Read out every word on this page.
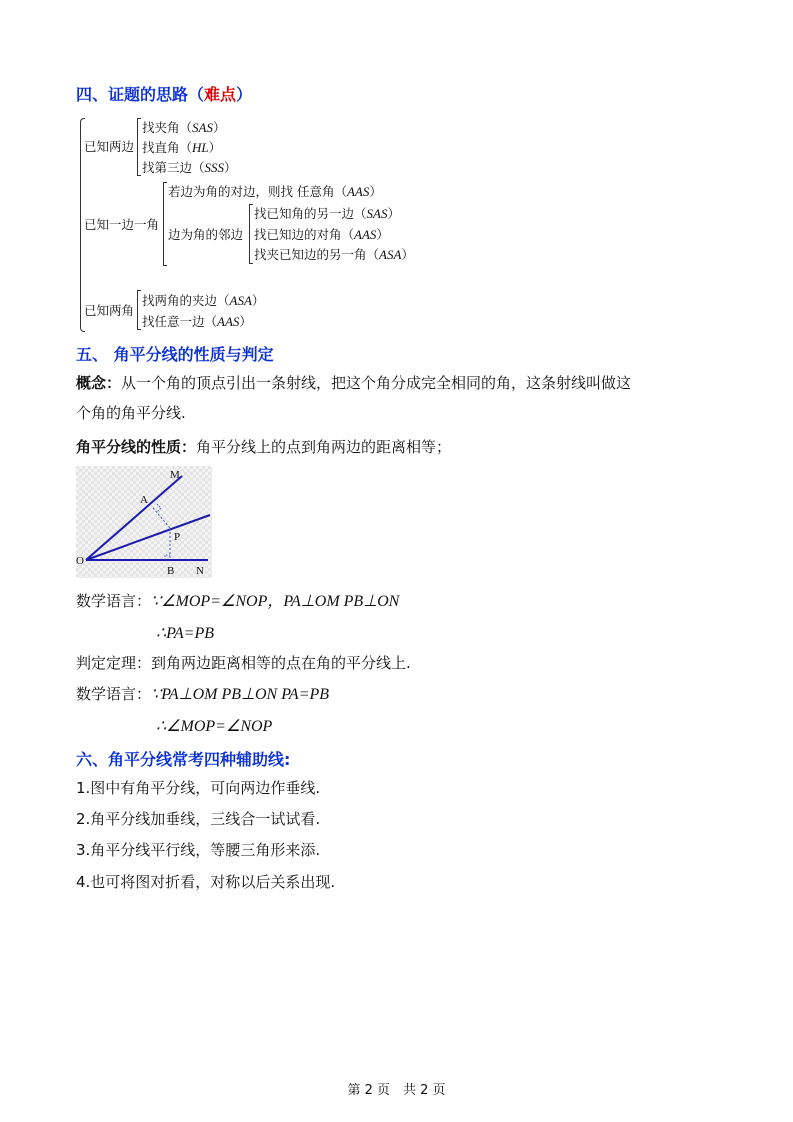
四、证题的思路（难点）
已知两边
找夹角（SAS）
找直角（HL）
找第三边（SSS）
已知一边一角
若边为角的对边，则找 任意角（AAS）
边为角的邻边
找已知角的另一边（SAS）
找已知边的对角（AAS）
找夹已知边的另一角（ASA）
已知两角
找两角的夹边（ASA）
找任意一边（AAS）
五、 角平分线的性质与判定
概念：从一个角的顶点引出一条射线，把这个角分成完全相同的角，这条射线叫做这
个角的角平分线.
角平分线的性质：角平分线上的点到角两边的距离相等；
M
A
P
O
B N
数学语言：∵∠MOP=∠NOP，PA⊥OM PB⊥ON
∴PA=PB
判定定理：到角两边距离相等的点在角的平分线上.
数学语言：∵PA⊥OM PB⊥ON PA=PB
∴∠MOP=∠NOP
六、角平分线常考四种辅助线:
1.图中有角平分线，可向两边作垂线.
2.角平分线加垂线，三线合一试试看.
3.角平分线平行线，等腰三角形来添.
4.也可将图对折看，对称以后关系出现.
第 2 页　共 2 页
